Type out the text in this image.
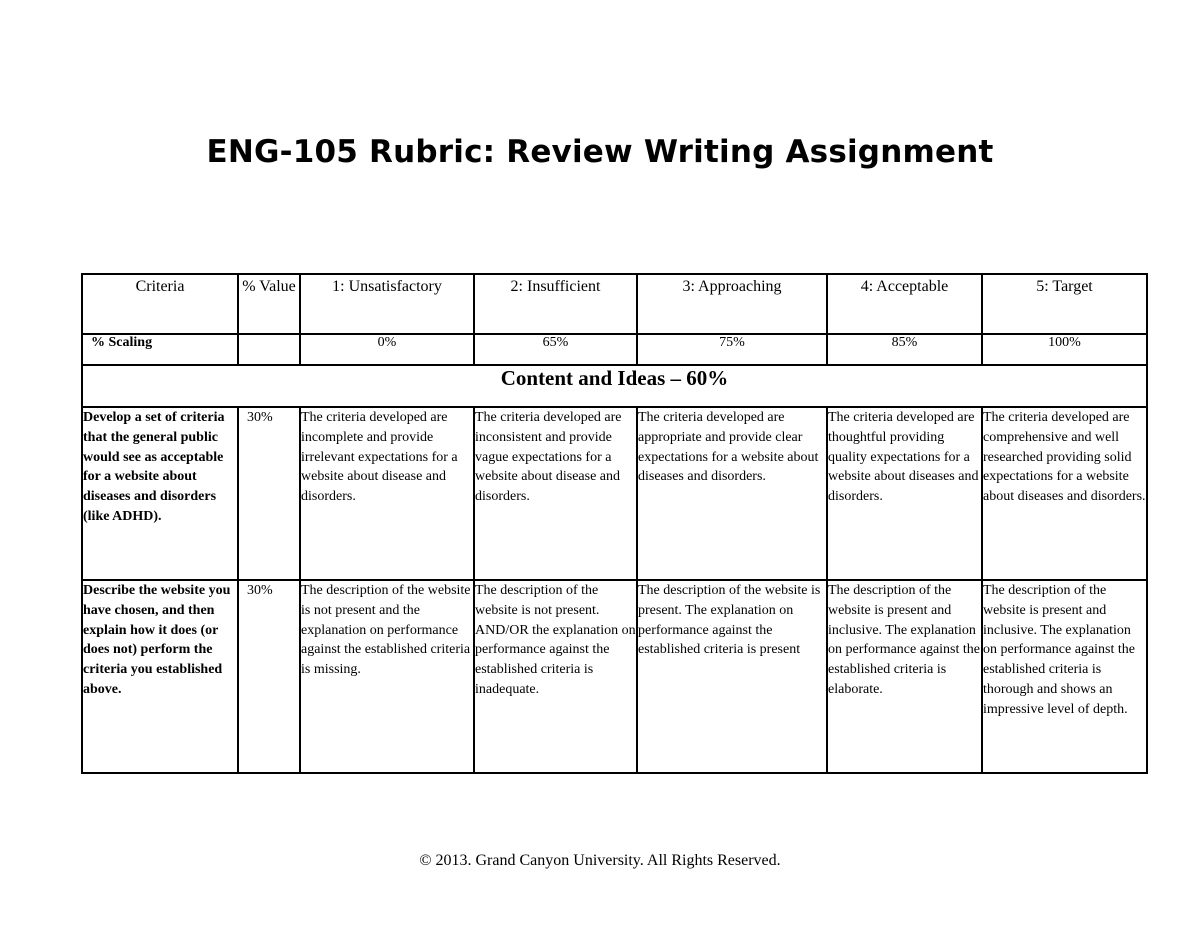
ENG-105 Rubric: Review Writing Assignment
Criteria	% Value	1: Unsatisfactory	2: Insufficient	3: Approaching	4: Acceptable	5: Target
% Scaling		0%	65%	75%	85%	100%
Content and Ideas – 60%						
Develop a set of criteria that the general public would see as acceptable for a website about diseases and disorders (like ADHD).	30%	The criteria developed are incomplete and provide irrelevant expectations for a website about disease and disorders.	The criteria developed are inconsistent and provide vague expectations for a website about disease and disorders.	The criteria developed are appropriate and provide clear expectations for a website about diseases and disorders.	The criteria developed are thoughtful providing quality expectations for a website about diseases and disorders.	The criteria developed are comprehensive and well researched providing solid expectations for a website about diseases and disorders.
Describe the website you have chosen, and then explain how it does (or does not) perform the criteria you established above.	30%	The description of the website is not present and the explanation on performance against the established criteria is missing.	The description of the website is not present. AND/OR the explanation on performance against the established criteria is inadequate.	The description of the website is present. The explanation on performance against the established criteria is present	The description of the website is present and inclusive. The explanation on performance against the established criteria is elaborate.	The description of the website is present and inclusive. The explanation on performance against the established criteria is thorough and shows an impressive level of depth.
© 2013. Grand Canyon University. All Rights Reserved.
